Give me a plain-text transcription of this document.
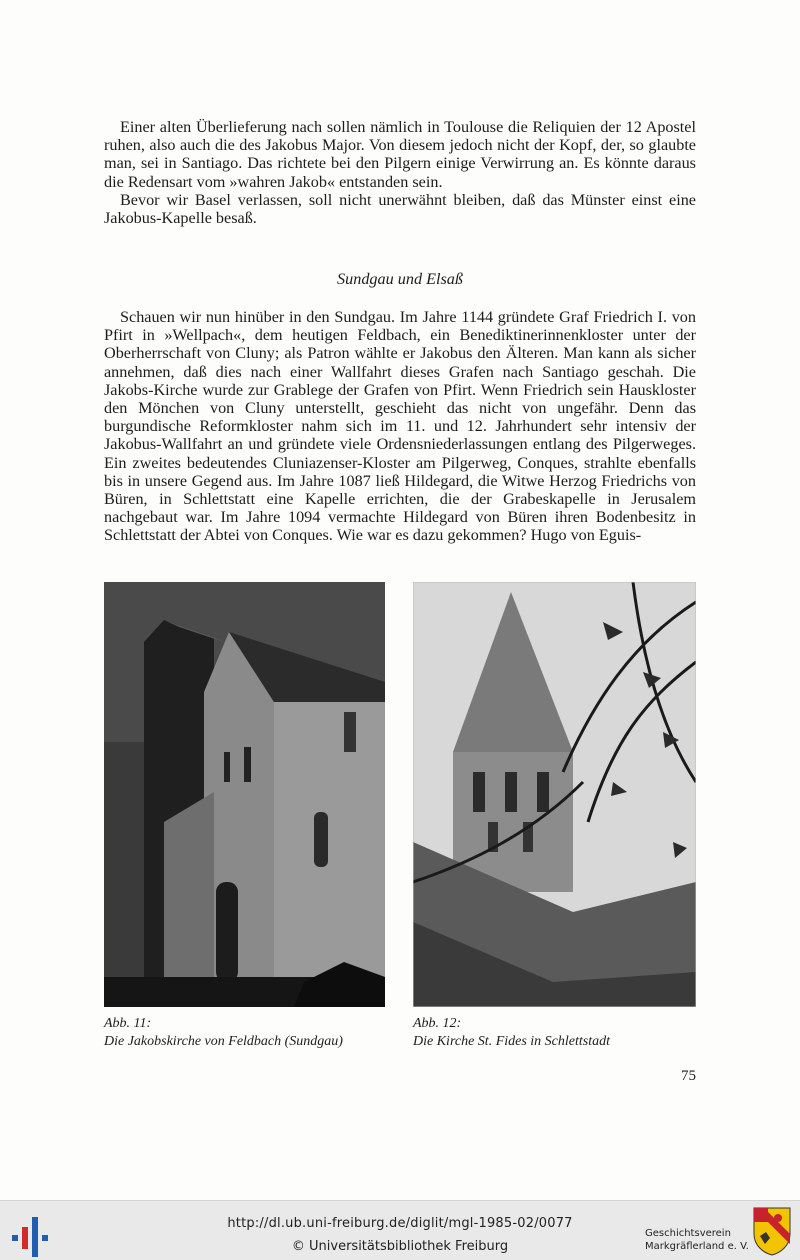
Einer alten Überlieferung nach sollen nämlich in Toulouse die Reliquien der 12 Apostel ruhen, also auch die des Jakobus Major. Von diesem jedoch nicht der Kopf, der, so glaubte man, sei in Santiago. Das richtete bei den Pilgern einige Verwirrung an. Es könnte daraus die Redensart vom »wahren Jakob« entstanden sein.

Bevor wir Basel verlassen, soll nicht unerwähnt bleiben, daß das Münster einst eine Jakobus-Kapelle besaß.

Sundgau und Elsaß

Schauen wir nun hinüber in den Sundgau. Im Jahre 1144 gründete Graf Friedrich I. von Pfirt in »Wellpach«, dem heutigen Feldbach, ein Benediktinerinnenkloster unter der Oberherrschaft von Cluny; als Patron wählte er Jakobus den Älteren. Man kann als sicher annehmen, daß dies nach einer Wallfahrt dieses Grafen nach Santiago geschah. Die Jakobs-Kirche wurde zur Grablege der Grafen von Pfirt. Wenn Friedrich sein Hauskloster den Mönchen von Cluny unterstellt, geschieht das nicht von ungefähr. Denn das burgundische Reformkloster nahm sich im 11. und 12. Jahrhundert sehr intensiv der Jakobus-Wallfahrt an und gründete viele Ordensniederlassungen entlang des Pilgerweges. Ein zweites bedeutendes Cluniazenser-Kloster am Pilgerweg, Conques, strahlte ebenfalls bis in unsere Gegend aus. Im Jahre 1087 ließ Hildegard, die Witwe Herzog Friedrichs von Büren, in Schlettstatt eine Kapelle errichten, die der Grabeskapelle in Jerusalem nachgebaut war. Im Jahre 1094 vermachte Hildegard von Büren ihren Bodenbesitz in Schlettstatt der Abtei von Conques. Wie war es dazu gekommen? Hugo von Eguis-

Abb. 11:
Die Jakobskirche von Feldbach (Sundgau)
Abb. 12:
Die Kirche St. Fides in Schlettstadt
75
http://dl.ub.uni-freiburg.de/diglit/mgl-1985-02/0077
© Universitätsbibliothek Freiburg
Geschichtsverein
Markgräflerland e. V.
